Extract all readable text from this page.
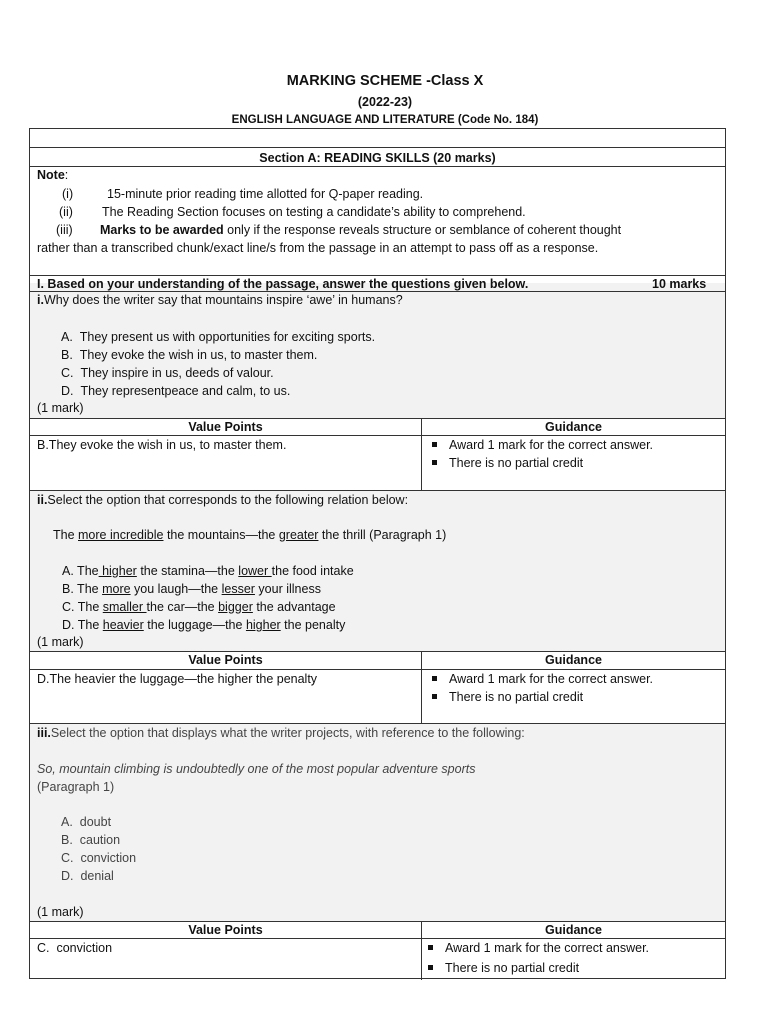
MARKING SCHEME -Class X
(2022-23)
ENGLISH LANGUAGE AND LITERATURE (Code No. 184)
Section A: READING SKILLS (20 marks)
Note:
(i)	15-minute prior reading time allotted for Q-paper reading.
(ii) The Reading Section focuses on testing a candidate’s ability to comprehend.
(iii) Marks to be awarded only if the response reveals structure or semblance of coherent thought
rather than a transcribed chunk/exact line/s from the passage in an attempt to pass off as a response.
I. Based on your understanding of the passage, answer the questions given below.	10 marks
i.Why does the writer say that mountains inspire ‘awe’ in humans?
A. They present us with opportunities for exciting sports.
B. They evoke the wish in us, to master them.
C. They inspire in us, deeds of valour.
D. They representpeace and calm, to us.
(1 mark)
Value Points	Guidance
B.They evoke the wish in us, to master them.	Award 1 mark for the correct answer.
There is no partial credit
ii.Select the option that corresponds to the following relation below:
The more incredible the mountains—the greater the thrill (Paragraph 1)
A. The higher the stamina—the lower the food intake
B. The more you laugh—the lesser your illness
C. The smaller the car—the bigger the advantage
D. The heavier the luggage—the higher the penalty
(1 mark)
Value Points	Guidance
D.The heavier the luggage—the higher the penalty	Award 1 mark for the correct answer.
There is no partial credit
iii.Select the option that displays what the writer projects, with reference to the following:
So, mountain climbing is undoubtedly one of the most popular adventure sports
(Paragraph 1)
A. doubt
B. caution
C. conviction
D. denial
(1 mark)
Value Points	Guidance
C. conviction	Award 1 mark for the correct answer.
There is no partial credit
